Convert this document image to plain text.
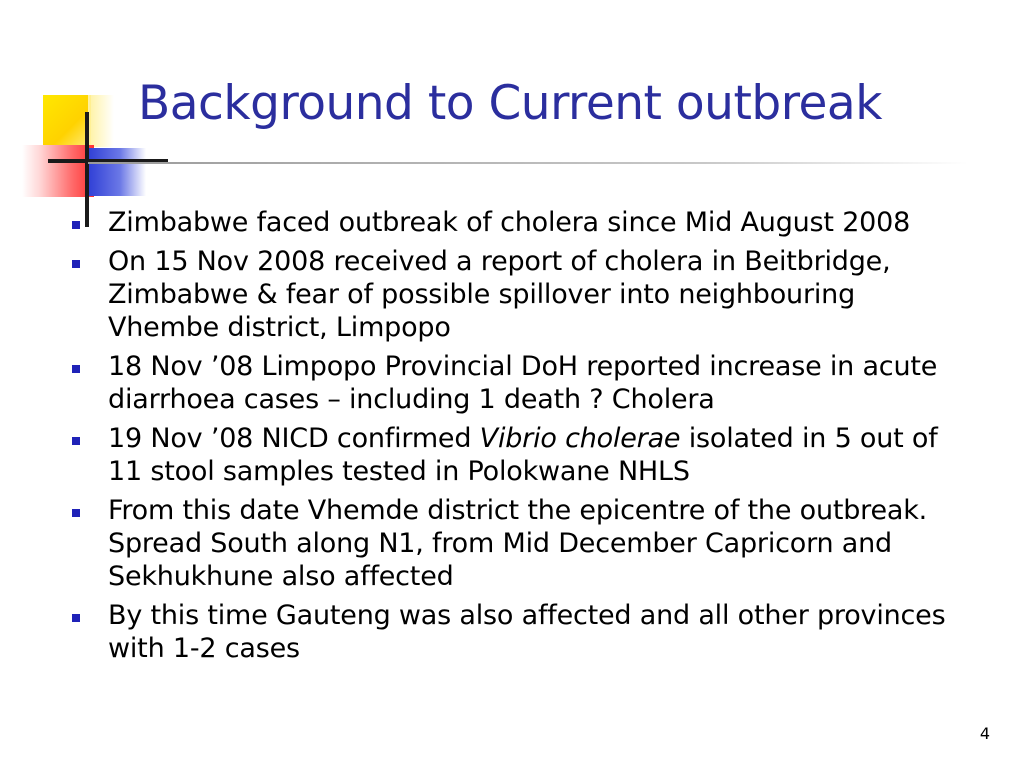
Background to Current outbreak
Zimbabwe faced outbreak of cholera since Mid August 2008
On 15 Nov 2008 received a report of cholera in Beitbridge, Zimbabwe & fear of possible spillover into neighbouring Vhembe district, Limpopo
18 Nov ’08 Limpopo Provincial DoH reported increase in acute diarrhoea cases – including 1 death ? Cholera
19 Nov ’08 NICD confirmed Vibrio cholerae isolated in 5 out of 11 stool samples tested in Polokwane NHLS
From this date Vhemde district the epicentre of the outbreak. Spread South along N1, from Mid December Capricorn and Sekhukhune also affected
By this time Gauteng was also affected and all other provinces with 1-2 cases
4
